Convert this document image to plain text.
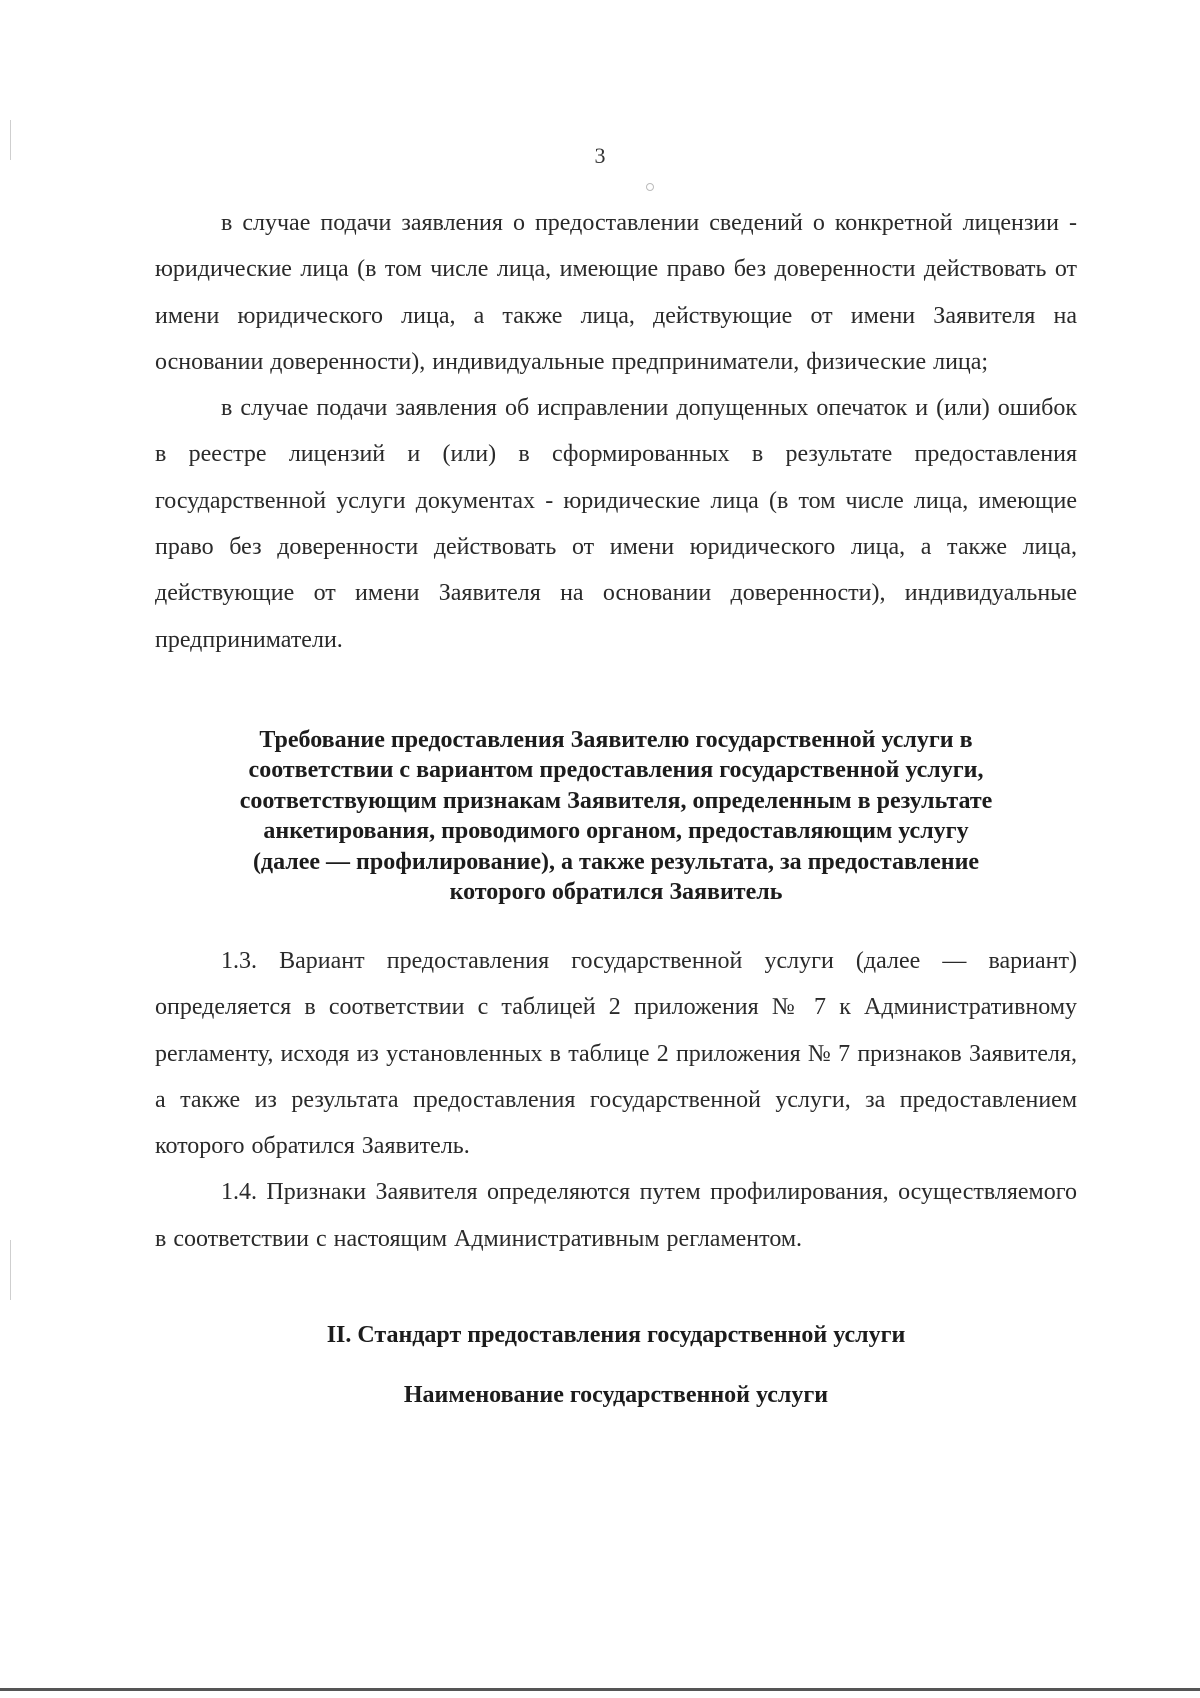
3

в случае подачи заявления о предоставлении сведений о конкретной лицензии - юридические лица (в том числе лица, имеющие право без доверенности действовать от имени юридического лица, а также лица, действующие от имени Заявителя на основании доверенности), индивидуальные предприниматели, физические лица;

в случае подачи заявления об исправлении допущенных опечаток и (или) ошибок в реестре лицензий и (или) в сформированных в результате предоставления государственной услуги документах - юридические лица (в том числе лица, имеющие право без доверенности действовать от имени юридического лица, а также лица, действующие от имени Заявителя на основании доверенности), индивидуальные предприниматели.

Требование предоставления Заявителю государственной услуги в

соответствии с вариантом предоставления государственной услуги,

соответствующим признакам Заявителя, определенным в результате

анкетирования, проводимого органом, предоставляющим услугу

(далее — профилирование), а также результата, за предоставление

которого обратился Заявитель

1.3. Вариант предоставления государственной услуги (далее — вариант) определяется в соответствии с таблицей 2 приложения № 7 к Административному регламенту, исходя из установленных в таблице 2 приложения № 7 признаков Заявителя, а также из результата предоставления государственной услуги, за предоставлением которого обратился Заявитель.

1.4. Признаки Заявителя определяются путем профилирования, осуществляемого в соответствии с настоящим Административным регламентом.

II. Стандарт предоставления государственной услуги

Наименование государственной услуги
